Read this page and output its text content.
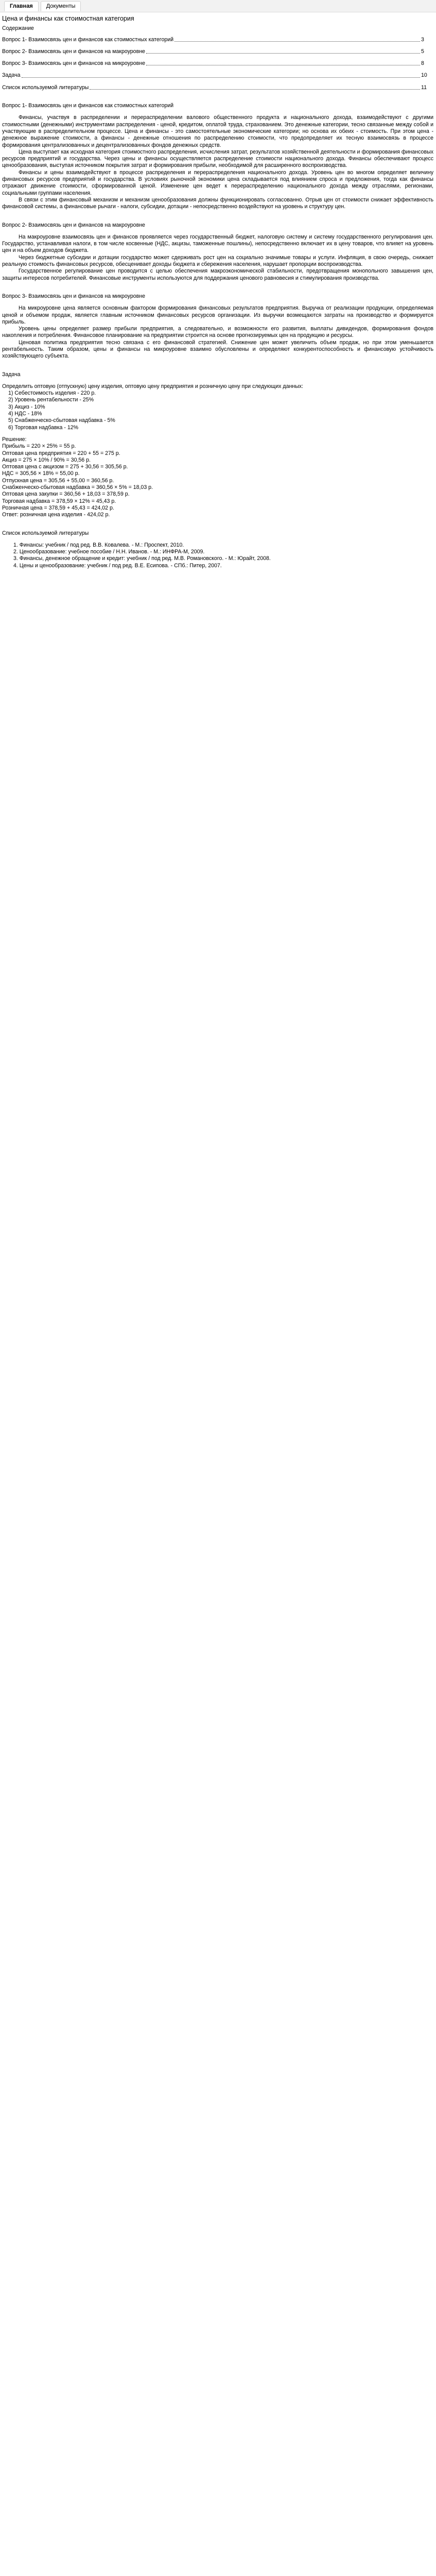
Главная	Документы
Цена и финансы как стоимостная категория
Содержание
Вопрос 1- Взаимосвязь цен и финансов как стоимостных категорий	3
Вопрос 2- Взаимосвязь цен и финансов на макроуровне	5
Вопрос 3- Взаимосвязь цен и финансов на микроуровне	8
Задача	10
Список используемой литературы	11
Вопрос 1- Взаимосвязь цен и финансов как стоимостных категорий

Финансы, участвуя в распределении и перераспределении валового общественного продукта и национального дохода, взаимодействуют с другими стоимостными (денежными) инструментами распределения - ценой, кредитом, оплатой труда, страхованием. Это денежные категории, тесно связанные между собой и участвующие в распределительном процессе. Цена и финансы - это самостоятельные экономические категории; но основа их обеих - стоимость. При этом цена - денежное выражение стоимости, а финансы - денежные отношения по распределению стоимости, что предопределяет их тесную взаимосвязь в процессе формирования централизованных и децентрализованных фондов денежных средств.

Цена выступает как исходная категория стоимостного распределения, исчисления затрат, результатов хозяйственной деятельности и формирования финансовых ресурсов предприятий и государства. Через цены и финансы осуществляется распределение стоимости национального дохода. Финансы обеспечивают процесс ценообразования, выступая источником покрытия затрат и формирования прибыли, необходимой для расширенного воспроизводства.

Финансы и цены взаимодействуют в процессе распределения и перераспределения национального дохода. Уровень цен во многом определяет величину финансовых ресурсов предприятий и государства. В условиях рыночной экономики цена складывается под влиянием спроса и предложения, тогда как финансы отражают движение стоимости, сформированной ценой. Изменение цен ведет к перераспределению национального дохода между отраслями, регионами, социальными группами населения.

В связи с этим финансовый механизм и механизм ценообразования должны функционировать согласованно. Отрыв цен от стоимости снижает эффективность финансовой системы, а финансовые рычаги - налоги, субсидии, дотации - непосредственно воздействуют на уровень и структуру цен.

Вопрос 2- Взаимосвязь цен и финансов на макроуровне

На макроуровне взаимосвязь цен и финансов проявляется через государственный бюджет, налоговую систему и систему государственного регулирования цен. Государство, устанавливая налоги, в том числе косвенные (НДС, акцизы, таможенные пошлины), непосредственно включает их в цену товаров, что влияет на уровень цен и на объем доходов бюджета.

Через бюджетные субсидии и дотации государство может сдерживать рост цен на социально значимые товары и услуги. Инфляция, в свою очередь, снижает реальную стоимость финансовых ресурсов, обесценивает доходы бюджета и сбережения населения, нарушает пропорции воспроизводства.

Государственное регулирование цен проводится с целью обеспечения макроэкономической стабильности, предотвращения монопольного завышения цен, защиты интересов потребителей. Финансовые инструменты используются для поддержания ценового равновесия и стимулирования производства.

Вопрос 3- Взаимосвязь цен и финансов на микроуровне

На микроуровне цена является основным фактором формирования финансовых результатов предприятия. Выручка от реализации продукции, определяемая ценой и объемом продаж, является главным источником финансовых ресурсов организации. Из выручки возмещаются затраты на производство и формируется прибыль.

Уровень цены определяет размер прибыли предприятия, а следовательно, и возможности его развития, выплаты дивидендов, формирования фондов накопления и потребления. Финансовое планирование на предприятии строится на основе прогнозируемых цен на продукцию и ресурсы.

Ценовая политика предприятия тесно связана с его финансовой стратегией. Снижение цен может увеличить объем продаж, но при этом уменьшается рентабельность. Таким образом, цены и финансы на микроуровне взаимно обусловлены и определяют конкурентоспособность и финансовую устойчивость хозяйствующего субъекта.

Задача

Определить оптовую (отпускную) цену изделия, оптовую цену предприятия и розничную цену при следующих данных:

1) Себестоимость изделия - 220 р.

2) Уровень рентабельности - 25%

3) Акциз - 10%

4) НДС - 18%

5) Снабженческо-сбытовая надбавка - 5%

6) Торговая надбавка - 12%

Решение:

Прибыль = 220 × 25% = 55 р.

Оптовая цена предприятия = 220 + 55 = 275 р.

Акциз = 275 × 10% / 90% = 30,56 р.

Оптовая цена с акцизом = 275 + 30,56 = 305,56 р.

НДС = 305,56 × 18% = 55,00 р.

Отпускная цена = 305,56 + 55,00 = 360,56 р.

Снабженческо-сбытовая надбавка = 360,56 × 5% = 18,03 р.

Оптовая цена закупки = 360,56 + 18,03 = 378,59 р.

Торговая надбавка = 378,59 × 12% = 45,43 р.

Розничная цена = 378,59 + 45,43 = 424,02 р.

Ответ: розничная цена изделия - 424,02 р.

Список используемой литературы

1. Финансы: учебник / под ред. В.В. Ковалева. - М.: Проспект, 2010.

2. Ценообразование: учебное пособие / Н.Н. Иванов. - М.: ИНФРА-М, 2009.

3. Финансы, денежное обращение и кредит: учебник / под ред. М.В. Романовского. - М.: Юрайт, 2008.

4. Цены и ценообразование: учебник / под ред. В.Е. Есипова. - СПб.: Питер, 2007.
